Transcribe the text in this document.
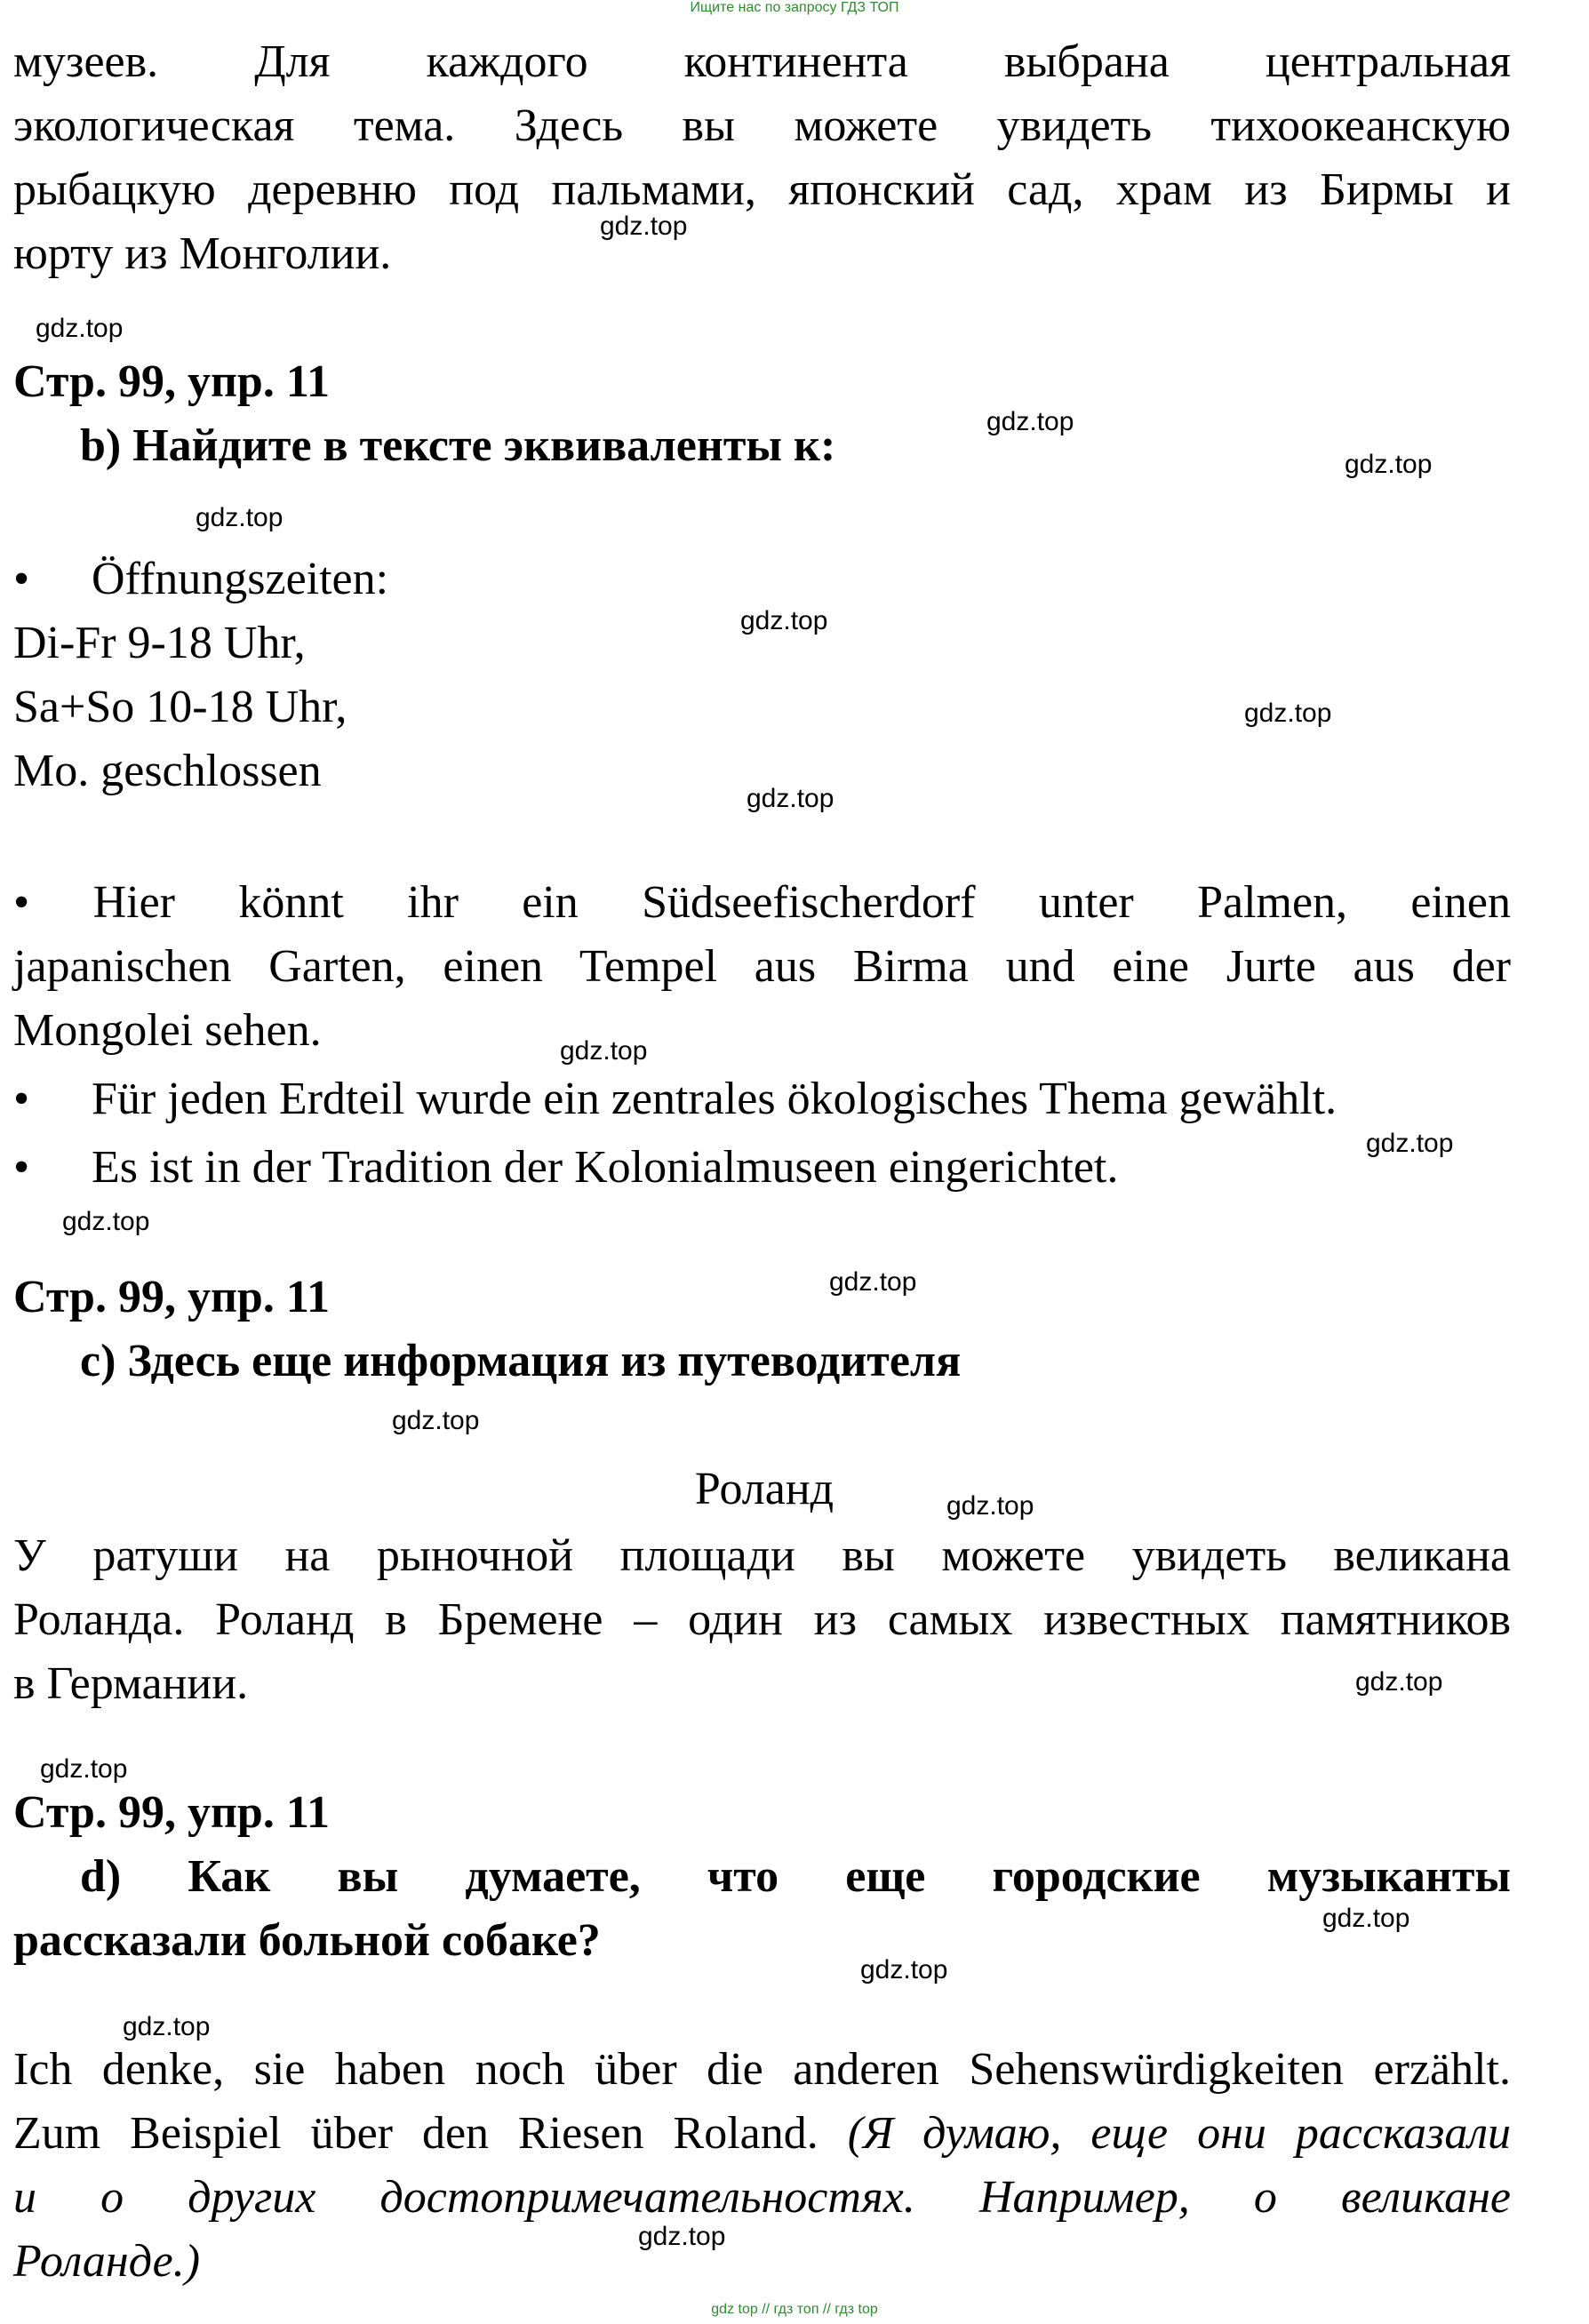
Ищите нас по запросу ГДЗ ТОП
музеев. Для каждого континента выбрана центральная
экологическая тема. Здесь вы можете увидеть тихоокеанскую
рыбацкую деревню под пальмами, японский сад, храм из Бирмы и
юрту из Монголии.
Стр. 99, упр. 11
b) Найдите в тексте эквиваленты к:
• Öffnungszeiten:
Di-Fr 9-18 Uhr,
Sa+So 10-18 Uhr,
Mo. geschlossen
• Hier könnt ihr ein Südseefischerdorf unter Palmen, einen
japanischen Garten, einen Tempel aus Birma und eine Jurte aus der
Mongolei sehen.
• Für jeden Erdteil wurde ein zentrales ökologisches Thema gewählt.
• Es ist in der Tradition der Kolonialmuseen eingerichtet.
Стр. 99, упр. 11
c) Здесь еще информация из путеводителя
Роланд
У ратуши на рыночной площади вы можете увидеть великана
Роланда. Роланд в Бремене – один из самых известных памятников
в Германии.
Стр. 99, упр. 11
d) Как вы думаете, что еще городские музыканты
рассказали больной собаке?
Ich denke, sie haben noch über die anderen Sehenswürdigkeiten erzählt.
Zum Beispiel über den Riesen Roland. (Я думаю, еще они рассказали
и о других достопримечательностях. Например, о великане
Роланде.)
gdz.top
gdz.top
gdz.top
gdz.top
gdz.top
gdz.top
gdz.top
gdz.top
gdz.top
gdz.top
gdz.top
gdz.top
gdz.top
gdz.top
gdz.top
gdz.top
gdz.top
gdz.top
gdz.top
gdz.top
gdz top // гдз топ // гдз top
